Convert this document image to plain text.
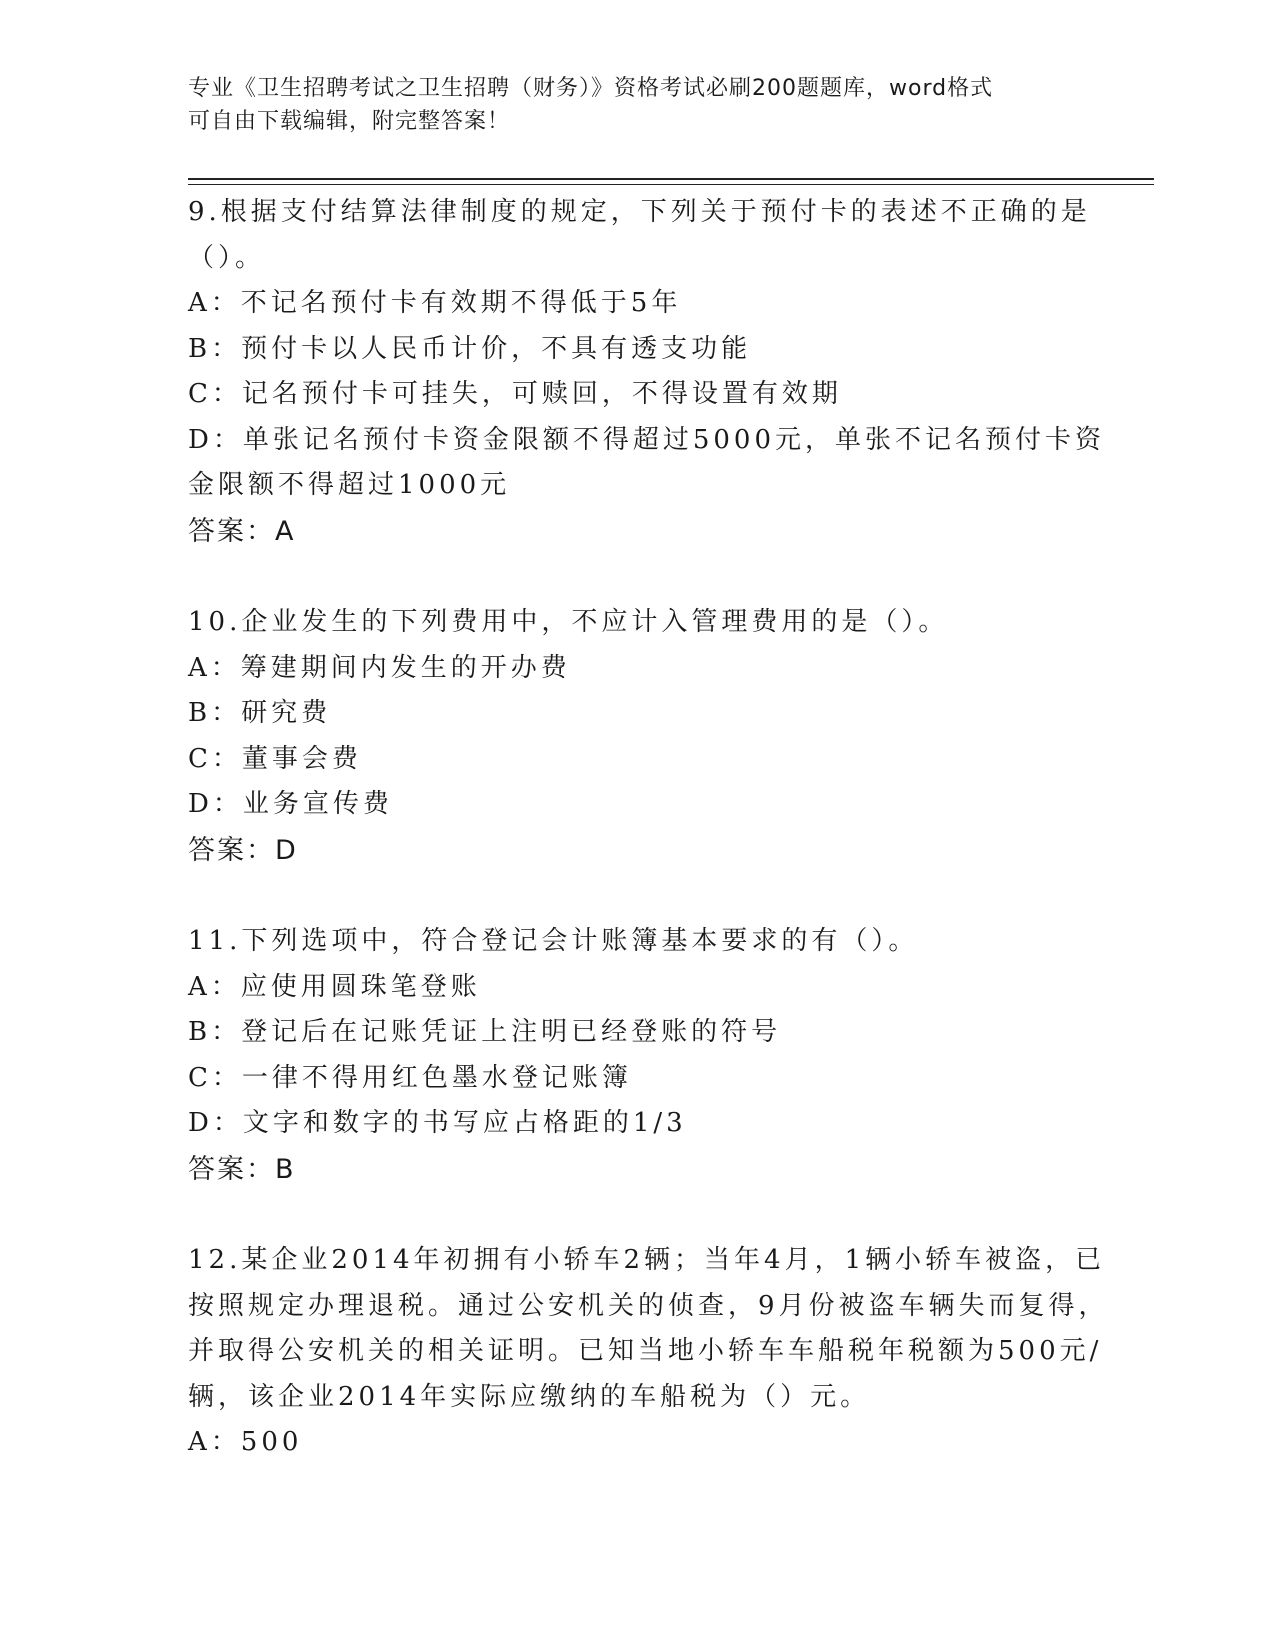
专业《卫生招聘考试之卫生招聘（财务）》资格考试必刷200题题库，word格式
可自由下载编辑，附完整答案！
9.根据支付结算法律制度的规定，下列关于预付卡的表述不正确的是
（）。
A：不记名预付卡有效期不得低于5年
B：预付卡以人民币计价，不具有透支功能
C：记名预付卡可挂失，可赎回，不得设置有效期
D：单张记名预付卡资金限额不得超过5000元，单张不记名预付卡资
金限额不得超过1000元
答案：A
10.企业发生的下列费用中，不应计入管理费用的是（）。
A：筹建期间内发生的开办费
B：研究费
C：董事会费
D：业务宣传费
答案：D
11.下列选项中，符合登记会计账簿基本要求的有（）。
A：应使用圆珠笔登账
B：登记后在记账凭证上注明已经登账的符号
C：一律不得用红色墨水登记账簿
D：文字和数字的书写应占格距的1/3
答案：B
12.某企业2014年初拥有小轿车2辆；当年4月，1辆小轿车被盗，已
按照规定办理退税。通过公安机关的侦查，9月份被盗车辆失而复得，
并取得公安机关的相关证明。已知当地小轿车车船税年税额为500元/
辆，该企业2014年实际应缴纳的车船税为（）元。
A：500
